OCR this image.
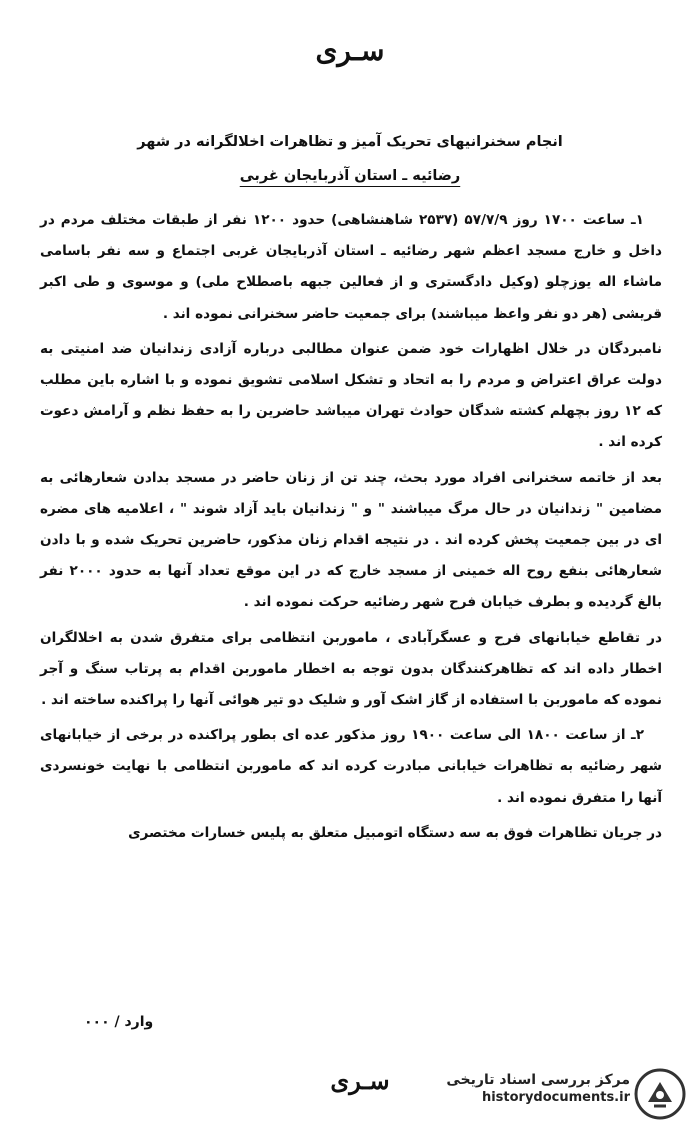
سـری
انجام سخنرانیهای تحریک آمیز و تظاهرات اخلالگرانه در شهر
رضائیه ـ استان آذربایجان غربی

۱ـ ساعت ۱۷۰۰ روز ۵۷/۷/۹ (۲۵۳۷ شاهنشاهی) حدود ۱۲۰۰ نفر از طبقات مختلف مردم در داخل و خارج مسجد اعظم شهر رضائیه ـ استان آذربایجان غربی اجتماع و سه نفر باسامی ماشاء اله یوزچلو (وکیل دادگستری و از فعالین جبهه باصطلاح ملی) و موسوی و طی اکبر قریشی (هر دو نفر واعظ میباشند) برای جمعیت حاضر سخنرانی نموده اند .

نامبردگان در خلال اظهارات خود ضمن عنوان مطالبی درباره آزادی زندانیان ضد امنیتی به دولت عراق اعتراض و مردم را به اتحاد و تشکل اسلامی تشویق نموده و با اشاره باین مطلب که ۱۲ روز بچهلم کشته شدگان حوادث تهران میباشد حاضرین را به حفظ نظم و آرامش دعوت کرده اند .

بعد از خاتمه سخنرانی افراد مورد بحث، چند تن از زنان حاضر در مسجد بدادن شعارهائی به مضامین " زندانیان در حال مرگ میباشند " و " زندانیان باید آزاد شوند " ، اعلامیه های مضره ای در بین جمعیت پخش کرده اند . در نتیجه اقدام زنان مذکور، حاضرین تحریک شده و با دادن شعارهائی بنفع روح اله خمینی از مسجد خارج که در این موقع تعداد آنها به حدود ۲۰۰۰ نفر بالغ گردیده و بطرف خیابان فرح شهر رضائیه حرکت نموده اند .

در تقاطع خیابانهای فرح و عسگرآبادی ، ماموربن انتظامی برای متفرق شدن به اخلالگران اخطار داده اند که تظاهرکنندگان بدون توجه به اخطار ماموربن اقدام به پرتاب سنگ و آجر نموده که ماموربن با استفاده از گاز اشک آور و شلیک دو تیر هوائی آنها را پراکنده ساخته اند .

۲ـ از ساعت ۱۸۰۰ الی ساعت ۱۹۰۰ روز مذکور عده ای بطور پراکنده در برخی از خیابانهای شهر رضائیه به تظاهرات خیابانی مبادرت کرده اند که ماموربن انتظامی با نهایت خونسردی آنها را متفرق نموده اند .

در جریان تظاهرات فوق به سه دستگاه اتومبیل متعلق به پلیس خسارات مختصری

وارد / ۰۰۰
سـری	مرکز بررسی اسناد تاریخی
historydocuments.ir
